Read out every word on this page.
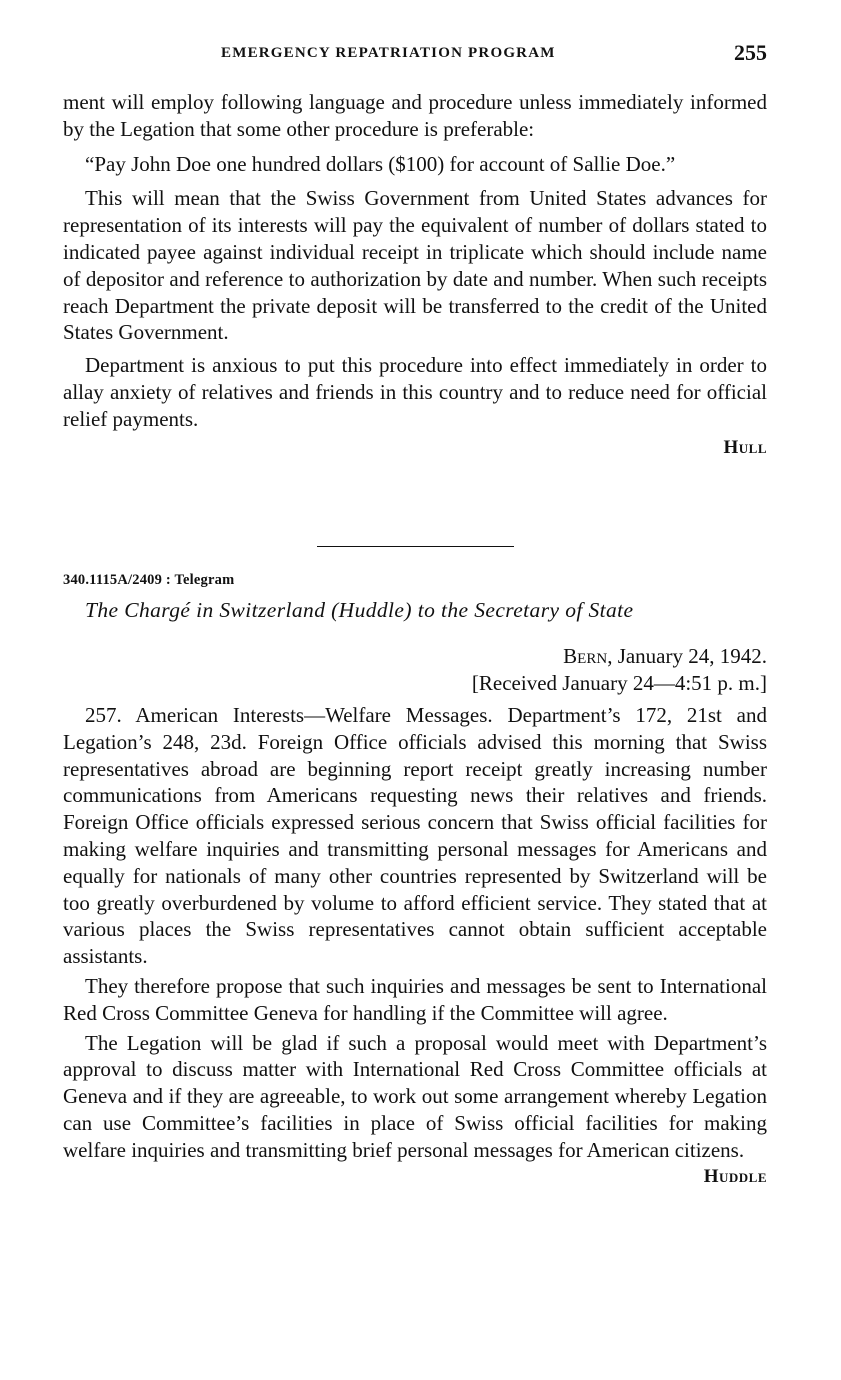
EMERGENCY REPATRIATION PROGRAM	255

ment will employ following language and procedure unless immediately informed by the Legation that some other procedure is preferable:

“Pay John Doe one hundred dollars ($100) for account of Sallie Doe.”

This will mean that the Swiss Government from United States advances for representation of its interests will pay the equivalent of number of dollars stated to indicated payee against individual receipt in triplicate which should include name of depositor and reference to authorization by date and number. When such receipts reach Department the private deposit will be transferred to the credit of the United States Government.

Department is anxious to put this procedure into effect immediately in order to allay anxiety of relatives and friends in this country and to reduce need for official relief payments.

Hull

340.1115A/2409 : Telegram
The Chargé in Switzerland (Huddle) to the Secretary of State
Bern, January 24, 1942.
[Received January 24—4:51 p. m.]

257. American Interests—Welfare Messages. Department’s 172, 21st and Legation’s 248, 23d. Foreign Office officials advised this morning that Swiss representatives abroad are beginning report receipt greatly increasing number communications from Americans requesting news their relatives and friends. Foreign Office officials expressed serious concern that Swiss official facilities for making welfare inquiries and transmitting personal messages for Americans and equally for nationals of many other countries represented by Switzerland will be too greatly overburdened by volume to afford efficient service. They stated that at various places the Swiss representatives cannot obtain sufficient acceptable assistants.

They therefore propose that such inquiries and messages be sent to International Red Cross Committee Geneva for handling if the Committee will agree.

The Legation will be glad if such a proposal would meet with Department’s approval to discuss matter with International Red Cross Committee officials at Geneva and if they are agreeable, to work out some arrangement whereby Legation can use Committee’s facilities in place of Swiss official facilities for making welfare inquiries and transmitting brief personal messages for American citizens.

Huddle
